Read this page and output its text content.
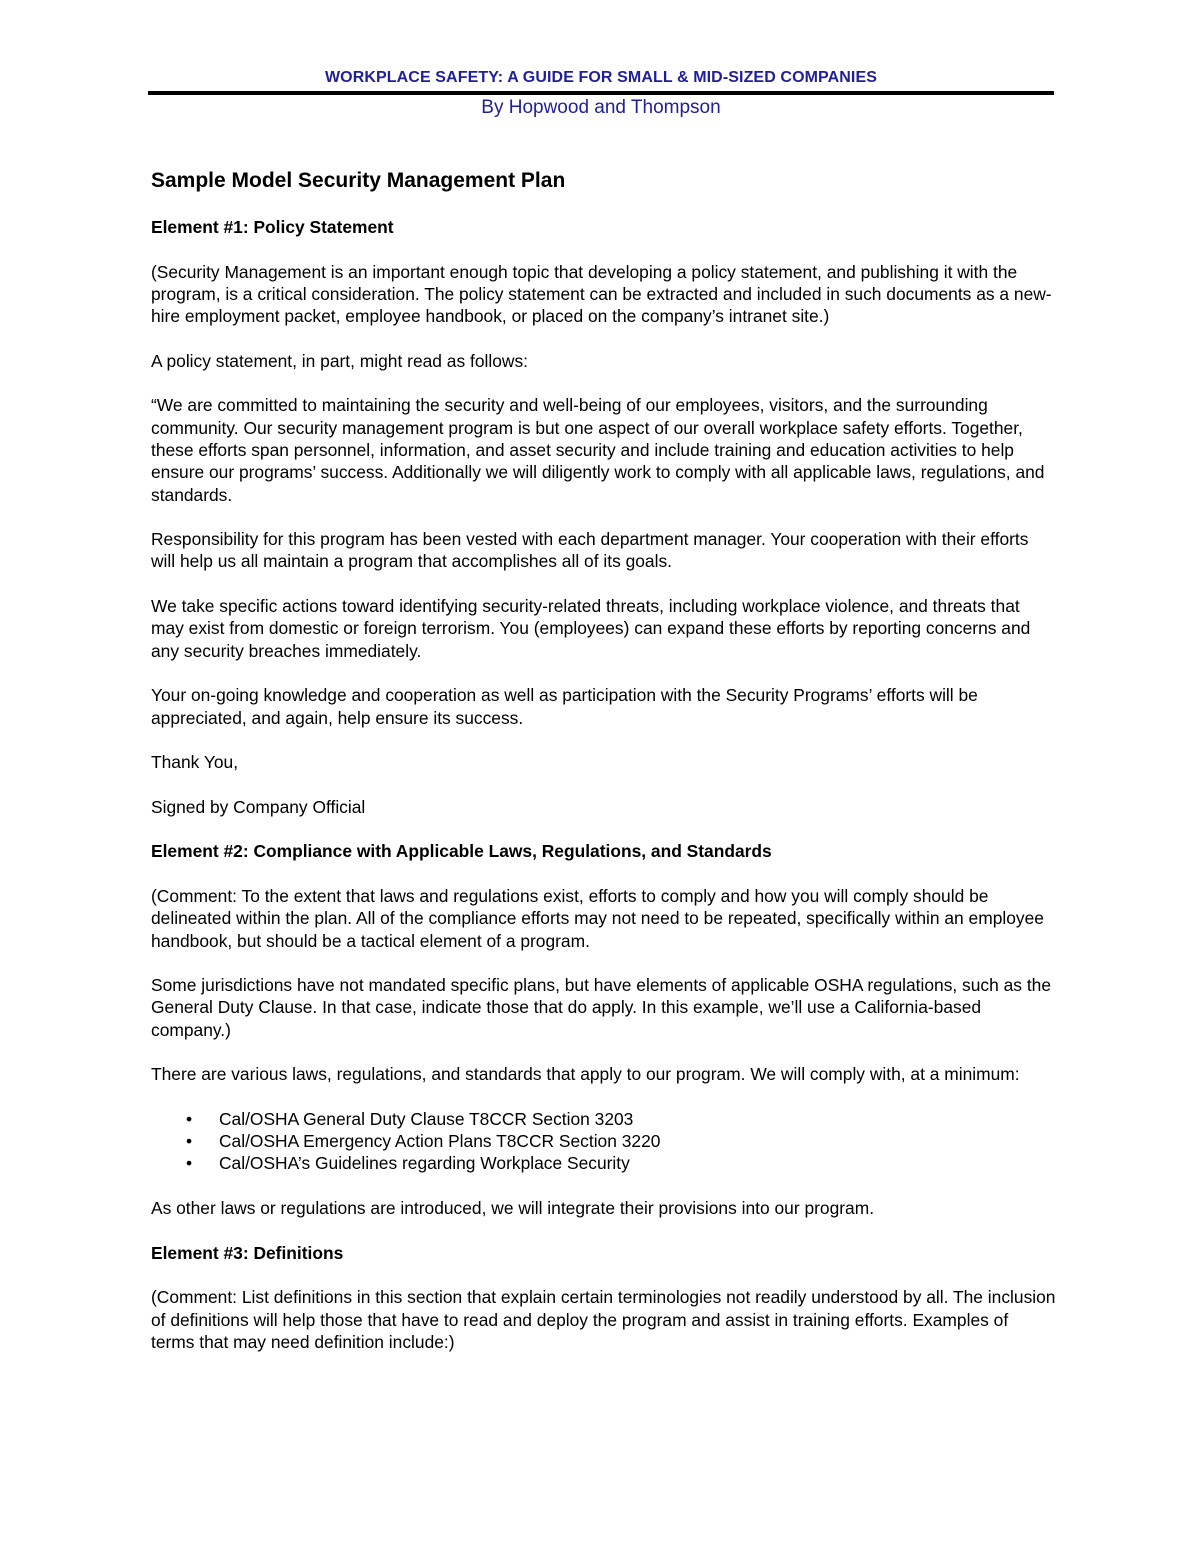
WORKPLACE SAFETY: A GUIDE FOR SMALL & MID-SIZED COMPANIES
By Hopwood and Thompson
Sample Model Security Management Plan
Element #1: Policy Statement
(Security Management is an important enough topic that developing a policy statement, and publishing it with the program, is a critical consideration. The policy statement can be extracted and included in such documents as a new-hire employment packet, employee handbook, or placed on the company’s intranet site.)
A policy statement, in part, might read as follows:
“We are committed to maintaining the security and well-being of our employees, visitors, and the surrounding community. Our security management program is but one aspect of our overall workplace safety efforts. Together, these efforts span personnel, information, and asset security and include training and education activities to help ensure our programs’ success. Additionally we will diligently work to comply with all applicable laws, regulations, and standards.
Responsibility for this program has been vested with each department manager. Your cooperation with their efforts will help us all maintain a program that accomplishes all of its goals.
We take specific actions toward identifying security-related threats, including workplace violence, and threats that may exist from domestic or foreign terrorism. You (employees) can expand these efforts by reporting concerns and any security breaches immediately.
Your on-going knowledge and cooperation as well as participation with the Security Programs’ efforts will be appreciated, and again, help ensure its success.
Thank You,
Signed by Company Official
Element #2: Compliance with Applicable Laws, Regulations, and Standards
(Comment: To the extent that laws and regulations exist, efforts to comply and how you will comply should be delineated within the plan. All of the compliance efforts may not need to be repeated, specifically within an employee handbook, but should be a tactical element of a program.
Some jurisdictions have not mandated specific plans, but have elements of applicable OSHA regulations, such as the General Duty Clause. In that case, indicate those that do apply. In this example, we’ll use a California-based company.)
There are various laws, regulations, and standards that apply to our program. We will comply with, at a minimum:
• Cal/OSHA General Duty Clause T8CCR Section 3203
• Cal/OSHA Emergency Action Plans T8CCR Section 3220
• Cal/OSHA’s Guidelines regarding Workplace Security
As other laws or regulations are introduced, we will integrate their provisions into our program.
Element #3: Definitions
(Comment: List definitions in this section that explain certain terminologies not readily understood by all. The inclusion of definitions will help those that have to read and deploy the program and assist in training efforts. Examples of terms that may need definition include:)
